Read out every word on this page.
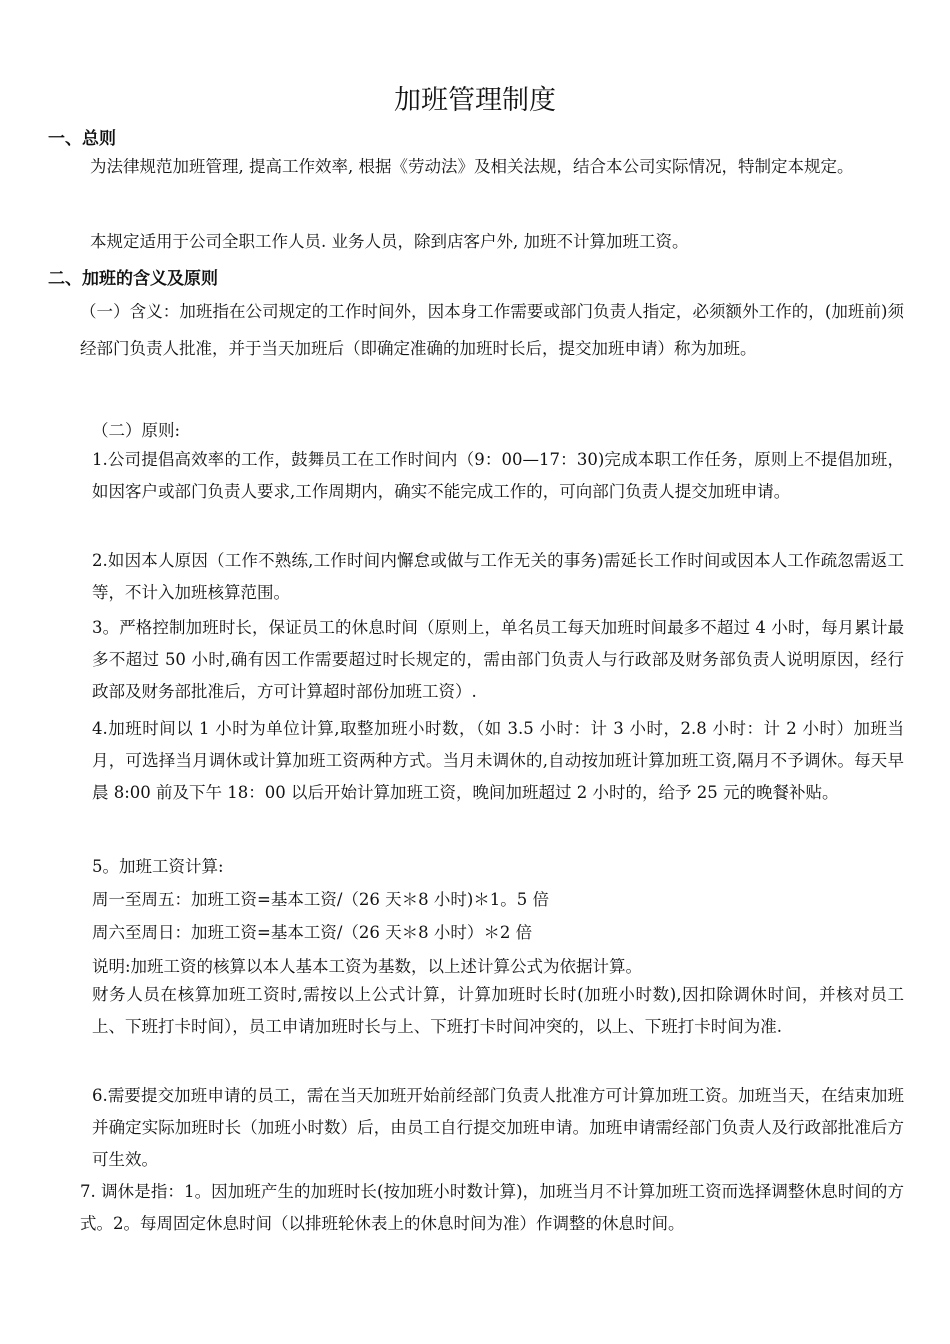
加班管理制度
一、总则
为法律规范加班管理, 提高工作效率, 根据《劳动法》及相关法规，结合本公司实际情况，特制定本规定。
本规定适用于公司全职工作人员. 业务人员，除到店客户外, 加班不计算加班工资。
二、加班的含义及原则
（一）含义：加班指在公司规定的工作时间外，因本身工作需要或部门负责人指定，必须额外工作的，(加班前)须经部门负责人批准，并于当天加班后（即确定准确的加班时长后，提交加班申请）称为加班。
（二）原则:
1.公司提倡高效率的工作，鼓舞员工在工作时间内（9：00—17：30)完成本职工作任务，原则上不提倡加班，如因客户或部门负责人要求,工作周期内，确实不能完成工作的，可向部门负责人提交加班申请。
2.如因本人原因（工作不熟练,工作时间内懈怠或做与工作无关的事务)需延长工作时间或因本人工作疏忽需返工等，不计入加班核算范围。
3。严格控制加班时长，保证员工的休息时间（原则上，单名员工每天加班时间最多不超过 4 小时，每月累计最多不超过 50 小时,确有因工作需要超过时长规定的，需由部门负责人与行政部及财务部负责人说明原因，经行政部及财务部批准后，方可计算超时部份加班工资）.
4.加班时间以 1 小时为单位计算,取整加班小时数，（如 3.5 小时：计 3 小时，2.8 小时：计 2 小时）加班当月，可选择当月调休或计算加班工资两种方式。当月未调休的,自动按加班计算加班工资,隔月不予调休。每天早晨 8:00 前及下午 18：00 以后开始计算加班工资，晚间加班超过 2 小时的，给予 25 元的晚餐补贴。
5。加班工资计算:
周一至周五：加班工资=基本工资/（26 天＊8 小时)＊1。5 倍
周六至周日：加班工资=基本工资/（26 天＊8 小时）＊2 倍
说明:加班工资的核算以本人基本工资为基数，以上述计算公式为依据计算。
财务人员在核算加班工资时,需按以上公式计算，计算加班时长时(加班小时数),因扣除调休时间，并核对员工上、下班打卡时间），员工申请加班时长与上、下班打卡时间冲突的，以上、下班打卡时间为准.
6.需要提交加班申请的员工，需在当天加班开始前经部门负责人批准方可计算加班工资。加班当天，在结束加班并确定实际加班时长（加班小时数）后，由员工自行提交加班申请。加班申请需经部门负责人及行政部批准后方可生效。
7. 调休是指：1。因加班产生的加班时长(按加班小时数计算)，加班当月不计算加班工资而选择调整休息时间的方式。2。每周固定休息时间（以排班轮休表上的休息时间为准）作调整的休息时间。
